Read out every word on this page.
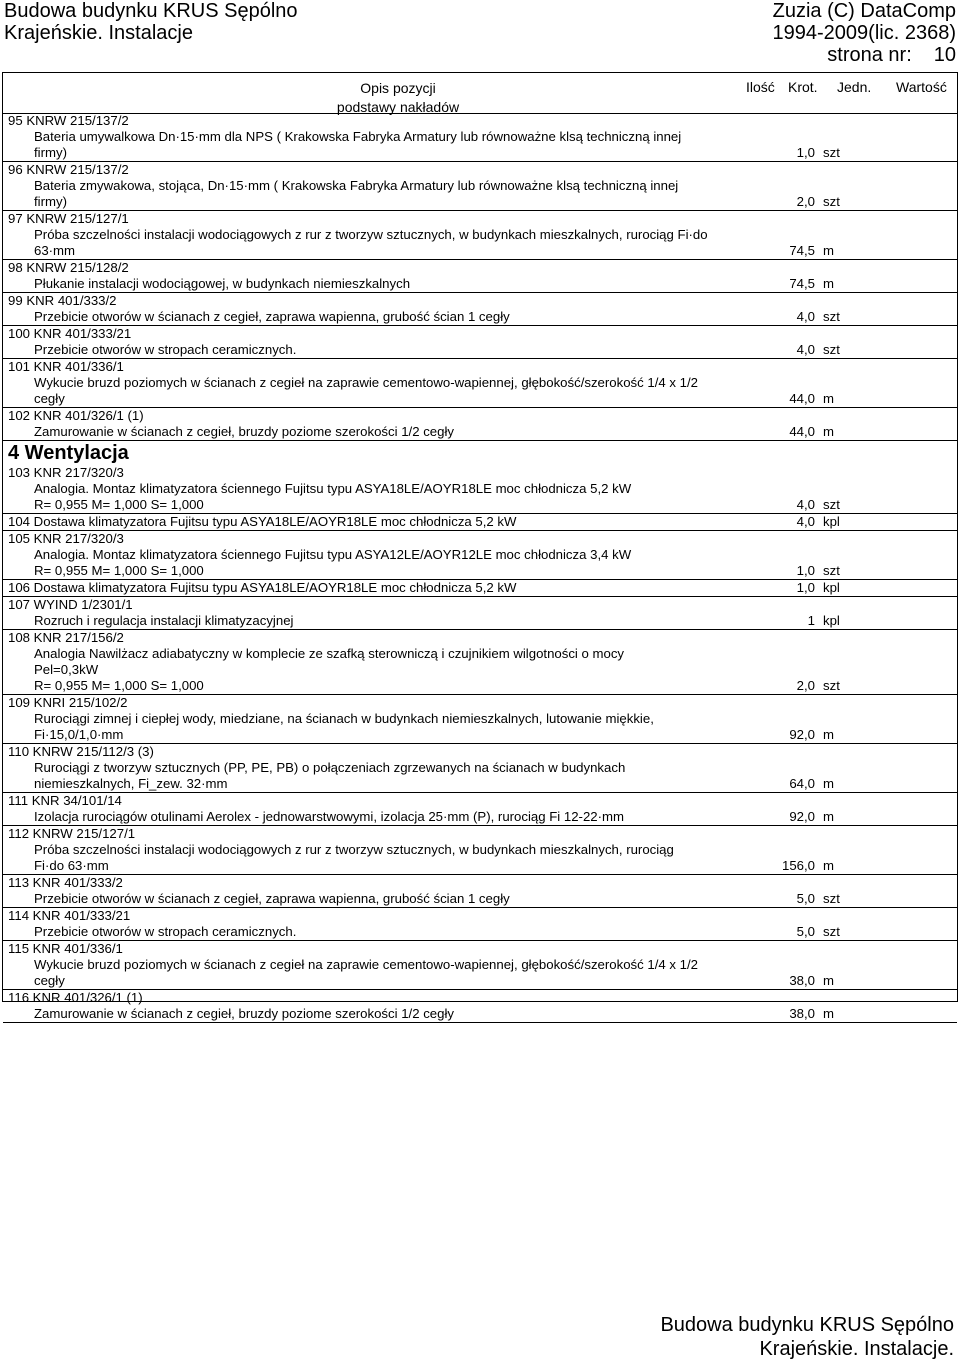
Budowa budynku KRUS Sępólno
Krajeńskie. Instalacje
Zuzia (C) DataComp
1994-2009(lic. 2368)
strona nr: 10
Opis pozycji
podstawy nakładów
Ilość Krot. Jedn. Wartość
95 KNRW 215/137/2
Bateria umywalkowa Dn·15·mm dla NPS ( Krakowska Fabryka Armatury lub równoważne klsą techniczną innej
firmy)	1,0 szt
96 KNRW 215/137/2
Bateria zmywakowa, stojąca, Dn·15·mm ( Krakowska Fabryka Armatury lub równoważne klsą techniczną innej
firmy)	2,0 szt
97 KNRW 215/127/1
Próba szczelności instalacji wodociągowych z rur z tworzyw sztucznych, w budynkach mieszkalnych, rurociąg Fi·do
63·mm	74,5 m
98 KNRW 215/128/2
Płukanie instalacji wodociągowej, w budynkach niemieszkalnych	74,5 m
99 KNR 401/333/2
Przebicie otworów w ścianach z cegieł, zaprawa wapienna, grubość ścian 1 cegły	4,0 szt
100 KNR 401/333/21
Przebicie otworów w stropach ceramicznych.	4,0 szt
101 KNR 401/336/1
Wykucie bruzd poziomych w ścianach z cegieł na zaprawie cementowo-wapiennej, głębokość/szerokość 1/4 x 1/2
cegły	44,0 m
102 KNR 401/326/1 (1)
Zamurowanie w ścianach z cegieł, bruzdy poziome szerokości 1/2 cegły	44,0 m
4 Wentylacja
103 KNR 217/320/3
Analogia. Montaz klimatyzatora ściennego Fujitsu typu ASYA18LE/AOYR18LE moc chłodnicza 5,2 kW
R= 0,955 M= 1,000 S= 1,000	4,0 szt
104 Dostawa klimatyzatora Fujitsu typu ASYA18LE/AOYR18LE moc chłodnicza 5,2 kW	4,0 kpl
105 KNR 217/320/3
Analogia. Montaz klimatyzatora ściennego Fujitsu typu ASYA12LE/AOYR12LE moc chłodnicza 3,4 kW
R= 0,955 M= 1,000 S= 1,000	1,0 szt
106 Dostawa klimatyzatora Fujitsu typu ASYA18LE/AOYR18LE moc chłodnicza 5,2 kW	1,0 kpl
107 WYIND 1/2301/1
Rozruch i regulacja instalacji klimatyzacyjnej	1 kpl
108 KNR 217/156/2
Analogia Nawilżacz adiabatyczny w komplecie ze szafką sterowniczą i czujnikiem wilgotności o mocy
Pel=0,3kW
R= 0,955 M= 1,000 S= 1,000	2,0 szt
109 KNRI 215/102/2
Rurociągi zimnej i ciepłej wody, miedziane, na ścianach w budynkach niemieszkalnych, lutowanie miękkie,
Fi·15,0/1,0·mm	92,0 m
110 KNRW 215/112/3 (3)
Rurociągi z tworzyw sztucznych (PP, PE, PB) o połączeniach zgrzewanych na ścianach w budynkach
niemieszkalnych, Fi_zew. 32·mm	64,0 m
111 KNR 34/101/14
Izolacja rurociągów otulinami Aerolex - jednowarstwowymi, izolacja 25·mm (P), rurociąg Fi 12-22·mm	92,0 m
112 KNRW 215/127/1
Próba szczelności instalacji wodociągowych z rur z tworzyw sztucznych, w budynkach mieszkalnych, rurociąg
Fi·do 63·mm	156,0 m
113 KNR 401/333/2
Przebicie otworów w ścianach z cegieł, zaprawa wapienna, grubość ścian 1 cegły	5,0 szt
114 KNR 401/333/21
Przebicie otworów w stropach ceramicznych.	5,0 szt
115 KNR 401/336/1
Wykucie bruzd poziomych w ścianach z cegieł na zaprawie cementowo-wapiennej, głębokość/szerokość 1/4 x 1/2
cegły	38,0 m
116 KNR 401/326/1 (1)
Zamurowanie w ścianach z cegieł, bruzdy poziome szerokości 1/2 cegły	38,0 m
Budowa budynku KRUS Sępólno
Krajeńskie. Instalacje.
